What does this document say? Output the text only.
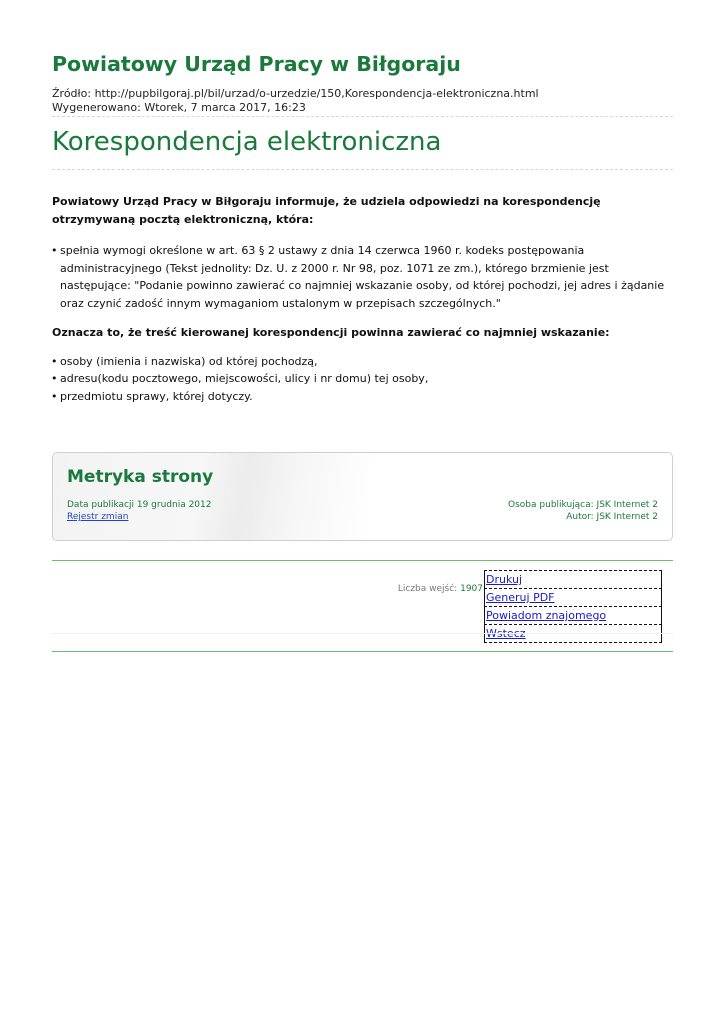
Powiatowy Urząd Pracy w Biłgoraju
Źródło: http://pupbilgoraj.pl/bil/urzad/o-urzedzie/150,Korespondencja-elektroniczna.html
Wygenerowano: Wtorek, 7 marca 2017, 16:23
Korespondencja elektroniczna

Powiatowy Urząd Pracy w Biłgoraju informuje, że udziela odpowiedzi na korespondencję otrzymywaną pocztą elektroniczną, która:

• spełnia wymogi określone w art. 63 § 2 ustawy z dnia 14 czerwca 1960 r. kodeks postępowania administracyjnego (Tekst jednolity: Dz. U. z 2000 r. Nr 98, poz. 1071 ze zm.), którego brzmienie jest następujące: "Podanie powinno zawierać co najmniej wskazanie osoby, od której pochodzi, jej adres i żądanie oraz czynić zadość innym wymaganiom ustalonym w przepisach szczególnych."

Oznacza to, że treść kierowanej korespondencji powinna zawierać co najmniej wskazanie:

• osoby (imienia i nazwiska) od której pochodzą,
• adresu(kodu pocztowego, miejscowości, ulicy i nr domu) tej osoby,
• przedmiotu sprawy, której dotyczy.
Metryka strony
Data publikacji 19 grudnia 2012
Rejestr zmian
Osoba publikująca: JSK Internet 2
Autor: JSK Internet 2
Liczba wejść: 1907
Drukuj
Generuj PDF
Powiadom znajomego
Wstecz
